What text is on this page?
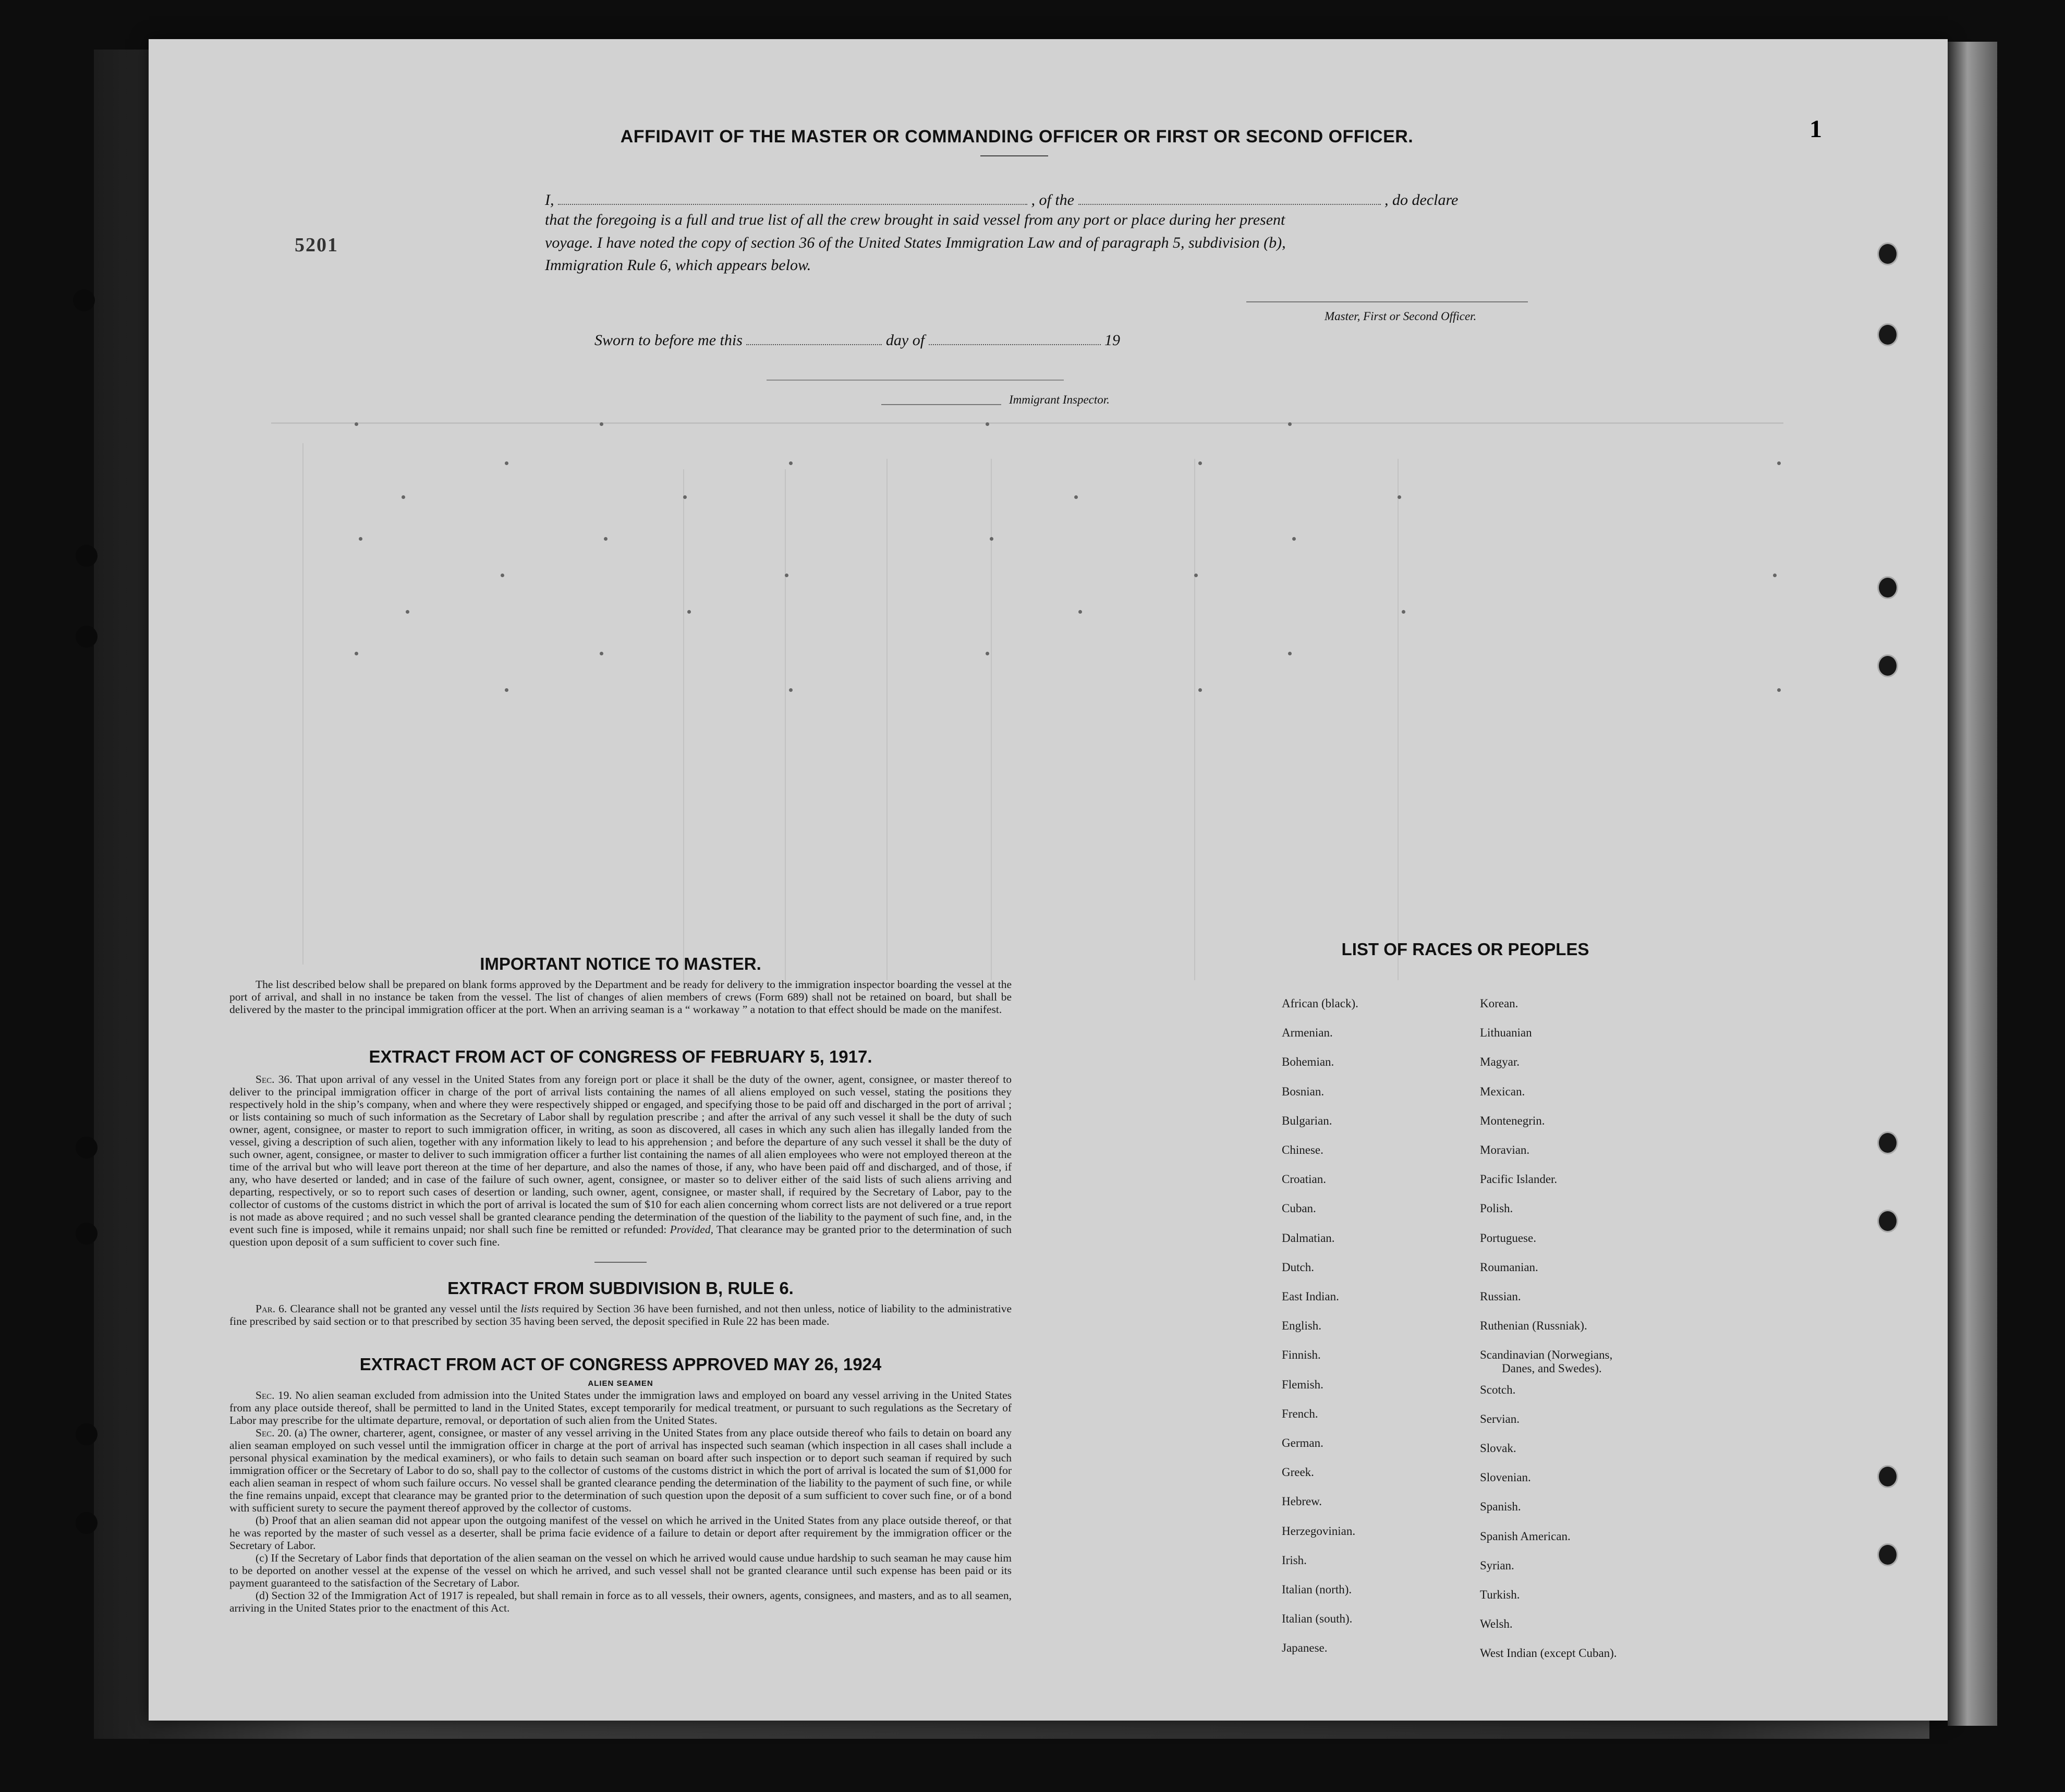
5201
1
AFFIDAVIT OF THE MASTER OR COMMANDING OFFICER OR FIRST OR SECOND OFFICER.
I,	, of the	, do declare
that the foregoing is a full and true list of all the crew brought in said vessel from any port or place during her present
voyage. I have noted the copy of section 36 of the United States Immigration Law and of paragraph 5, subdivision (b),
Immigration Rule 6, which appears below.
Master, First or Second Officer.
Sworn to before me this	day of	19
Immigrant Inspector.
IMPORTANT NOTICE TO MASTER.

The list described below shall be prepared on blank forms approved by the Department and be ready for delivery to the immigration inspector boarding the vessel at the port of arrival, and shall in no instance be taken from the vessel. The list of changes of alien members of crews (Form 689) shall not be retained on board, but shall be delivered by the master to the principal immigration officer at the port. When an arriving seaman is a “ workaway ” a notation to that effect should be made on the manifest.

EXTRACT FROM ACT OF CONGRESS OF FEBRUARY 5, 1917.

Sec. 36. That upon arrival of any vessel in the United States from any foreign port or place it shall be the duty of the owner, agent, consignee, or master thereof to deliver to the principal immigration officer in charge of the port of arrival lists containing the names of all aliens employed on such vessel, stating the positions they respectively hold in the ship’s company, when and where they were respectively shipped or engaged, and specifying those to be paid off and discharged in the port of arrival ; or lists containing so much of such information as the Secretary of Labor shall by regulation prescribe ; and after the arrival of any such vessel it shall be the duty of such owner, agent, consignee, or master to report to such immigration officer, in writing, as soon as discovered, all cases in which any such alien has illegally landed from the vessel, giving a description of such alien, together with any information likely to lead to his apprehension ; and before the departure of any such vessel it shall be the duty of such owner, agent, consignee, or master to deliver to such immigration officer a further list containing the names of all alien employees who were not employed thereon at the time of the arrival but who will leave port thereon at the time of her departure, and also the names of those, if any, who have been paid off and discharged, and of those, if any, who have deserted or landed; and in case of the failure of such owner, agent, consignee, or master so to deliver either of the said lists of such aliens arriving and departing, respectively, or so to report such cases of desertion or landing, such owner, agent, consignee, or master shall, if required by the Secretary of Labor, pay to the collector of customs of the customs district in which the port of arrival is located the sum of $10 for each alien concerning whom correct lists are not delivered or a true report is not made as above required ; and no such vessel shall be granted clearance pending the determination of the question of the liability to the payment of such fine, and, in the event such fine is imposed, while it remains unpaid; nor shall such fine be remitted or refunded: Provided, That clearance may be granted prior to the determination of such question upon deposit of a sum sufficient to cover such fine.

EXTRACT FROM SUBDIVISION B, RULE 6.

Par. 6. Clearance shall not be granted any vessel until the lists required by Section 36 have been furnished, and not then unless, notice of liability to the administrative fine prescribed by said section or to that prescribed by section 35 having been served, the deposit specified in Rule 22 has been made.

EXTRACT FROM ACT OF CONGRESS APPROVED MAY 26, 1924
ALIEN SEAMEN

Sec. 19. No alien seaman excluded from admission into the United States under the immigration laws and employed on board any vessel arriving in the United States from any place outside thereof, shall be permitted to land in the United States, except temporarily for medical treatment, or pursuant to such regulations as the Secretary of Labor may prescribe for the ultimate departure, removal, or deportation of such alien from the United States.

Sec. 20. (a) The owner, charterer, agent, consignee, or master of any vessel arriving in the United States from any place outside thereof who fails to detain on board any alien seaman employed on such vessel until the immigration officer in charge at the port of arrival has inspected such seaman (which inspection in all cases shall include a personal physical examination by the medical examiners), or who fails to detain such seaman on board after such inspection or to deport such seaman if required by such immigration officer or the Secretary of Labor to do so, shall pay to the collector of customs of the customs district in which the port of arrival is located the sum of $1,000 for each alien seaman in respect of whom such failure occurs. No vessel shall be granted clearance pending the determination of the liability to the payment of such fine, or while the fine remains unpaid, except that clearance may be granted prior to the determination of such question upon the deposit of a sum sufficient to cover such fine, or of a bond with sufficient surety to secure the payment thereof approved by the collector of customs.

(b) Proof that an alien seaman did not appear upon the outgoing manifest of the vessel on which he arrived in the United States from any place outside thereof, or that he was reported by the master of such vessel as a deserter, shall be prima facie evidence of a failure to detain or deport after requirement by the immigration officer or the Secretary of Labor.

(c) If the Secretary of Labor finds that deportation of the alien seaman on the vessel on which he arrived would cause undue hardship to such seaman he may cause him to be deported on another vessel at the expense of the vessel on which he arrived, and such vessel shall not be granted clearance until such expense has been paid or its payment guaranteed to the satisfaction of the Secretary of Labor.

(d) Section 32 of the Immigration Act of 1917 is repealed, but shall remain in force as to all vessels, their owners, agents, consignees, and masters, and as to all seamen, arriving in the United States prior to the enactment of this Act.

LIST OF RACES OR PEOPLES
African (black).
Armenian.
Bohemian.
Bosnian.
Bulgarian.
Chinese.
Croatian.
Cuban.
Dalmatian.
Dutch.
East Indian.
English.
Finnish.
Flemish.
French.
German.
Greek.
Hebrew.
Herzegovinian.
Irish.
Italian (north).
Italian (south).
Japanese.
Korean.
Lithuanian
Magyar.
Mexican.
Montenegrin.
Moravian.
Pacific Islander.
Polish.
Portuguese.
Roumanian.
Russian.
Ruthenian (Russniak).
Scandinavian (Norwegians,
Scotch.
Servian.
Slovak.
Slovenian.
Spanish.
Spanish American.
Syrian.
Turkish.
Welsh.
West Indian (except Cuban).
Danes, and Swedes).
